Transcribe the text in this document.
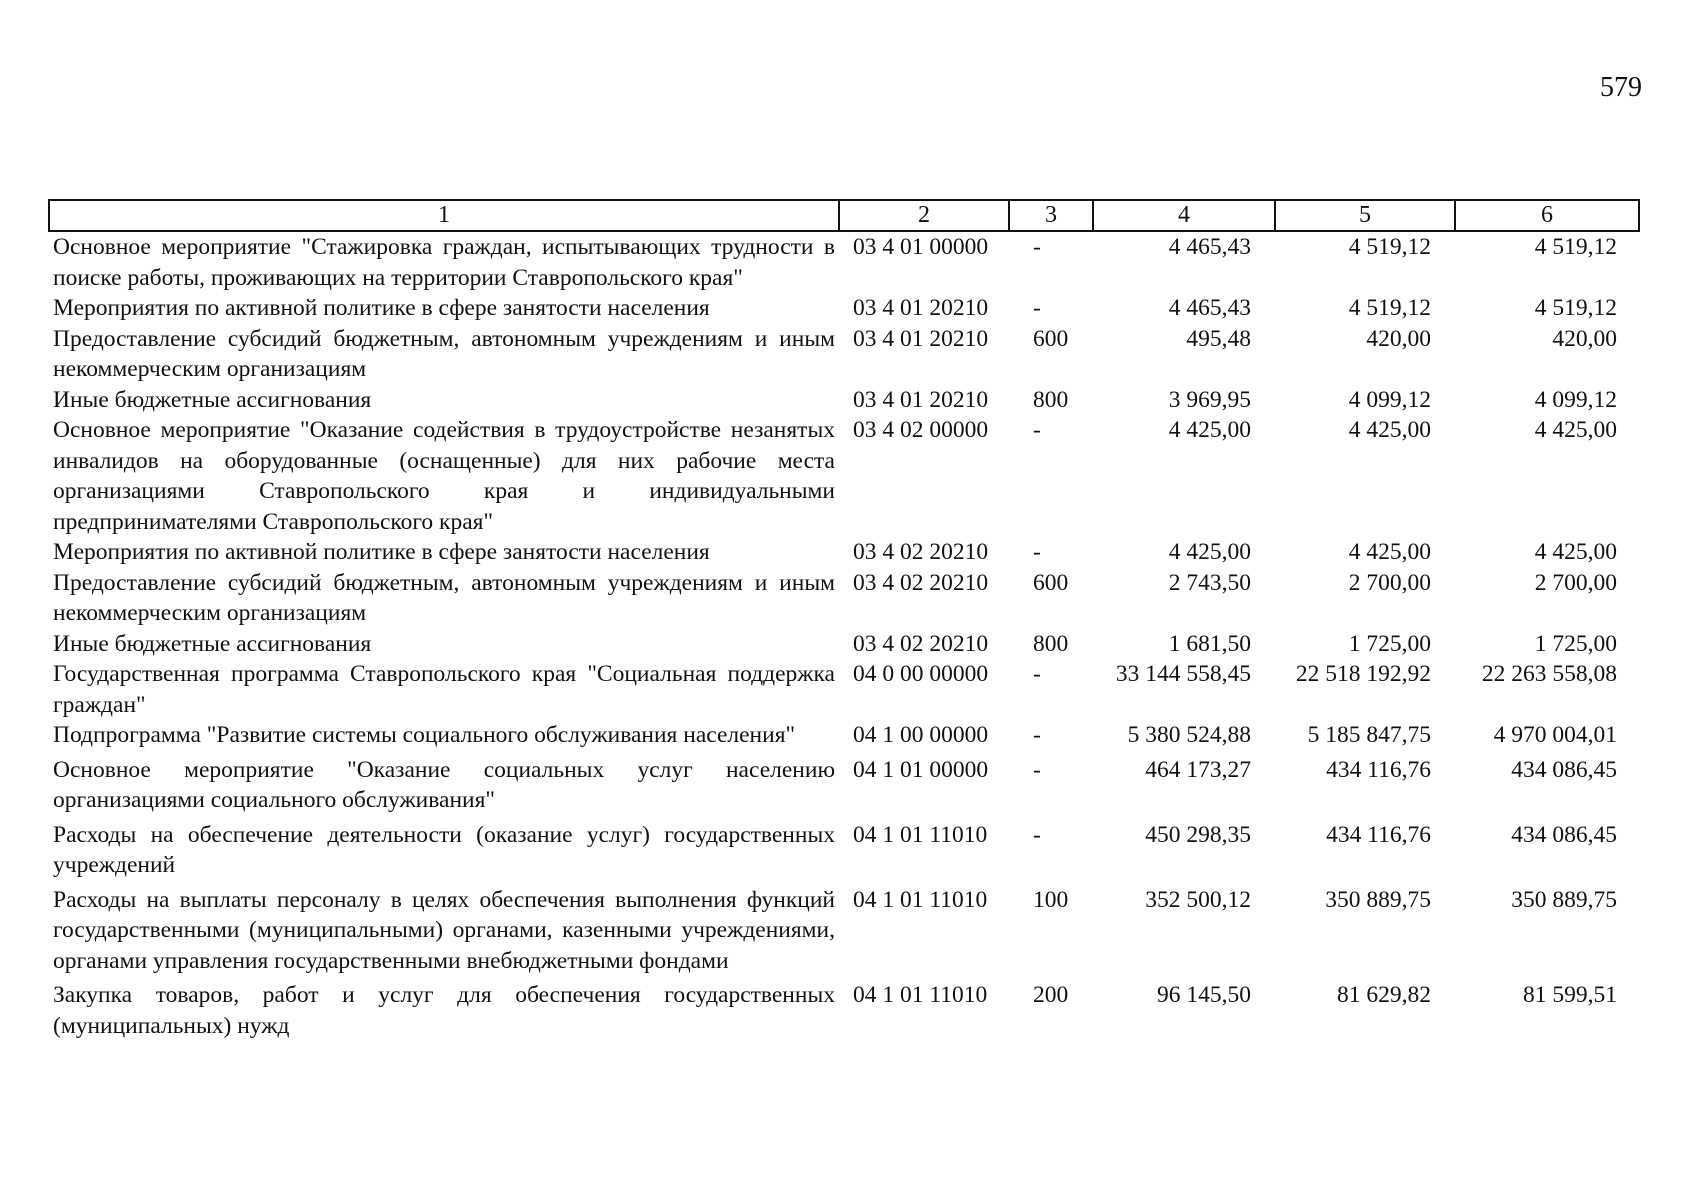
579
1	2	3	4	5	6
Основное мероприятие "Стажировка граждан, испытывающих трудности в поиске работы, проживающих на территории Ставропольского края"	03 4 01 00000	-	4 465,43	4 519,12	4 519,12
Мероприятия по активной политике в сфере занятости населения	03 4 01 20210	-	4 465,43	4 519,12	4 519,12
Предоставление субсидий бюджетным, автономным учреждениям и иным некоммерческим организациям	03 4 01 20210	600	495,48	420,00	420,00
Иные бюджетные ассигнования	03 4 01 20210	800	3 969,95	4 099,12	4 099,12
Основное мероприятие "Оказание содействия в трудоустройстве незанятых инвалидов на оборудованные (оснащенные) для них рабочие места организациями Ставропольского края и индивидуальными предпринимателями Ставропольского края"	03 4 02 00000	-	4 425,00	4 425,00	4 425,00
Мероприятия по активной политике в сфере занятости населения	03 4 02 20210	-	4 425,00	4 425,00	4 425,00
Предоставление субсидий бюджетным, автономным учреждениям и иным некоммерческим организациям	03 4 02 20210	600	2 743,50	2 700,00	2 700,00
Иные бюджетные ассигнования	03 4 02 20210	800	1 681,50	1 725,00	1 725,00
Государственная программа Ставропольского края "Социальная поддержка граждан"	04 0 00 00000	-	33 144 558,45	22 518 192,92	22 263 558,08
Подпрограмма "Развитие системы социального обслуживания населения"	04 1 00 00000	-	5 380 524,88	5 185 847,75	4 970 004,01
Основное мероприятие "Оказание социальных услуг населению организациями социального обслуживания"	04 1 01 00000	-	464 173,27	434 116,76	434 086,45
Расходы на обеспечение деятельности (оказание услуг) государственных учреждений	04 1 01 11010	-	450 298,35	434 116,76	434 086,45
Расходы на выплаты персоналу в целях обеспечения выполнения функций государственными (муниципальными) органами, казенными учреждениями, органами управления государственными внебюджетными фондами	04 1 01 11010	100	352 500,12	350 889,75	350 889,75
Закупка товаров, работ и услуг для обеспечения государственных (муниципальных) нужд	04 1 01 11010	200	96 145,50	81 629,82	81 599,51
